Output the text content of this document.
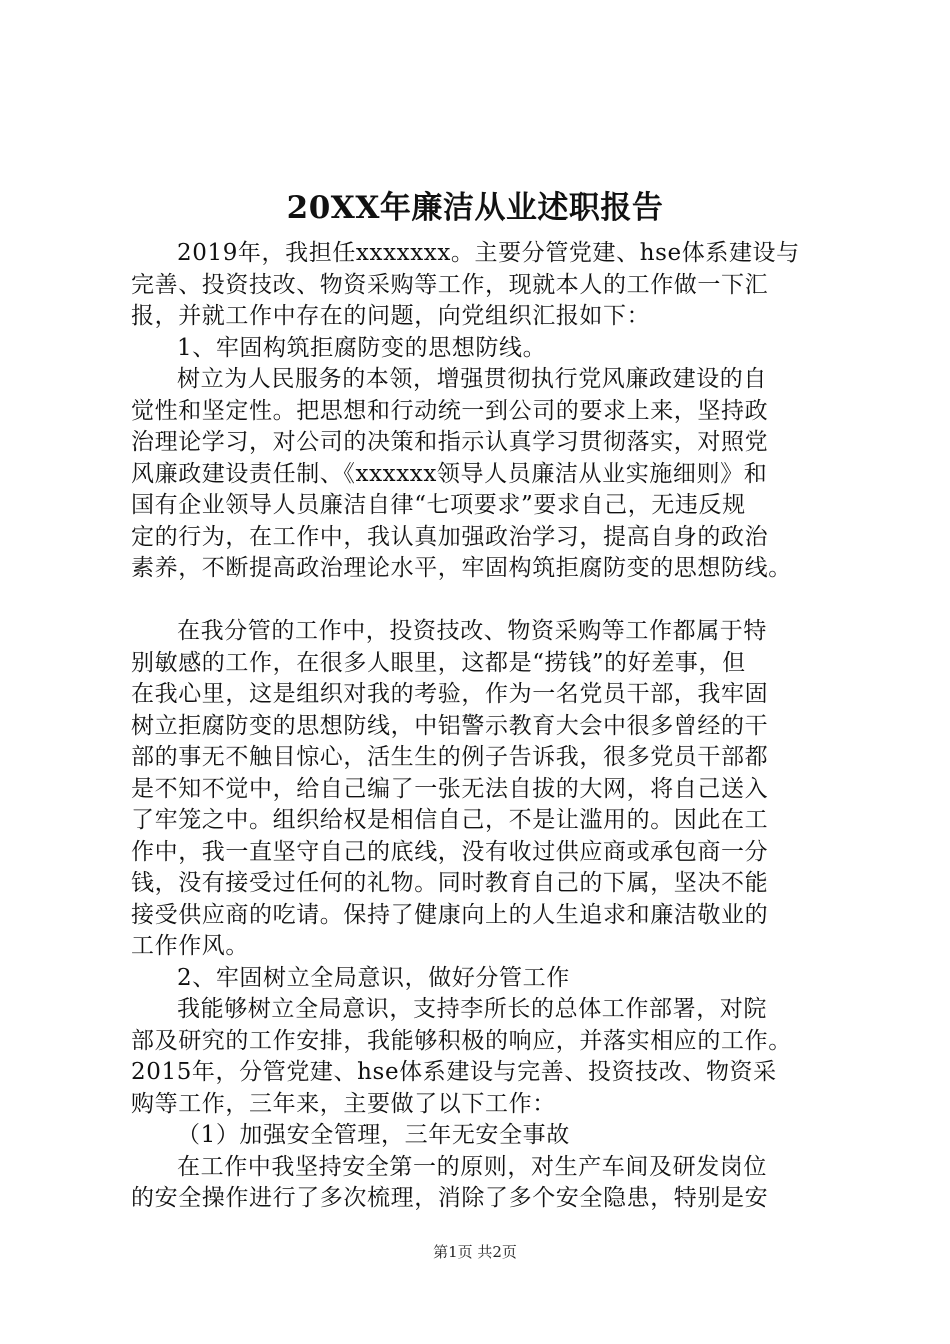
20XX年廉洁从业述职报告
2019年，我担任xxxxxxx。主要分管党建、hse体系建设与
完善、投资技改、物资采购等工作，现就本人的工作做一下汇
报，并就工作中存在的问题，向党组织汇报如下：
1、牢固构筑拒腐防变的思想防线。
树立为人民服务的本领，增强贯彻执行党风廉政建设的自
觉性和坚定性。把思想和行动统一到公司的要求上来，坚持政
治理论学习，对公司的决策和指示认真学习贯彻落实，对照党
风廉政建设责任制、《xxxxxx领导人员廉洁从业实施细则》和
国有企业领导人员廉洁自律“七项要求”要求自己，无违反规
定的行为，在工作中，我认真加强政治学习，提高自身的政治
素养，不断提高政治理论水平，牢固构筑拒腐防变的思想防线。
在我分管的工作中，投资技改、物资采购等工作都属于特
别敏感的工作，在很多人眼里，这都是“捞钱”的好差事，但
在我心里，这是组织对我的考验，作为一名党员干部，我牢固
树立拒腐防变的思想防线，中铝警示教育大会中很多曾经的干
部的事无不触目惊心，活生生的例子告诉我，很多党员干部都
是不知不觉中，给自己编了一张无法自拔的大网，将自己送入
了牢笼之中。组织给权是相信自己，不是让滥用的。因此在工
作中，我一直坚守自己的底线，没有收过供应商或承包商一分
钱，没有接受过任何的礼物。同时教育自己的下属，坚决不能
接受供应商的吃请。保持了健康向上的人生追求和廉洁敬业的
工作作风。
2、牢固树立全局意识，做好分管工作
我能够树立全局意识，支持李所长的总体工作部署，对院
部及研究的工作安排，我能够积极的响应，并落实相应的工作。
2015年，分管党建、hse体系建设与完善、投资技改、物资采
购等工作，三年来，主要做了以下工作：
（1）加强安全管理，三年无安全事故
在工作中我坚持安全第一的原则，对生产车间及研发岗位
的安全操作进行了多次梳理，消除了多个安全隐患，特别是安
第1页 共2页
